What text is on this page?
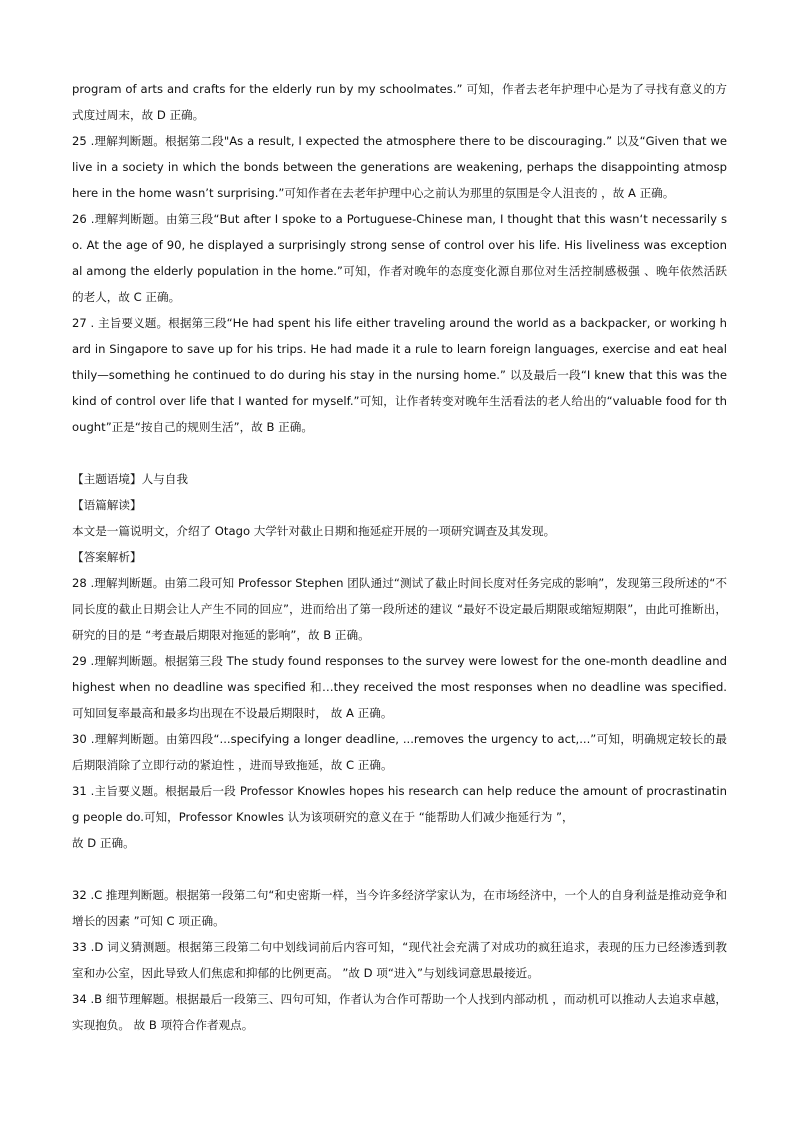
program of arts and crafts for the elderly run by my schoolmates.” 可知，作者去老年护理中心是为了寻找有意义的方式度过周末，故 D 正确。

25 .理解判断题。根据第二段"As a result, I expected the atmosphere there to be discouraging.” 以及“Given that we live in a society in which the bonds between the generations are weakening, perhaps the disappointing atmosphere in the home wasn’t surprising.”可知作者在去老年护理中心之前认为那里的氛围是令人沮丧的 ，故 A 正确。

26 .理解判断题。由第三段“But after I spoke to a Portuguese-Chinese man, I thought that this wasn‘t necessarily so. At the age of 90, he displayed a surprisingly strong sense of control over his life. His liveliness was exceptional among the elderly population in the home.”可知，作者对晚年的态度变化源自那位对生活控制感极强 、晚年依然活跃的老人，故 C 正确。

27 . 主旨要义题。根据第三段“He had spent his life either traveling around the world as a backpacker, or working hard in Singapore to save up for his trips. He had made it a rule to learn foreign languages, exercise and eat healthily—something he continued to do during his stay in the nursing home.” 以及最后一段“I knew that this was the kind of control over life that I wanted for myself.”可知，让作者转变对晚年生活看法的老人给出的“valuable food for thought”正是“按自己的规则生活”，故 B 正确。

【主题语境】人与自我

【语篇解读】

本文是一篇说明文，介绍了 Otago 大学针对截止日期和拖延症开展的一项研究调查及其发现。

【答案解析】

28 .理解判断题。由第二段可知 Professor Stephen 团队通过“测试了截止时间长度对任务完成的影响”，发现第三段所述的“不同长度的截止日期会让人产生不同的回应”，进而给出了第一段所述的建议 “最好不设定最后期限或缩短期限”，由此可推断出，研究的目的是 “考查最后期限对拖延的影响”，故 B 正确。

29 .理解判断题。根据第三段 The study found responses to the survey were lowest for the one-month deadline and highest when no deadline was specified 和…they received the most responses when no deadline was specified. 可知回复率最高和最多均出现在不设最后期限时， 故 A 正确。

30 .理解判断题。由第四段“...specifying a longer deadline, ...removes the urgency to act,...”可知，明确规定较长的最后期限消除了立即行动的紧迫性 ，进而导致拖延，故 C 正确。

31 .主旨要义题。根据最后一段 Professor Knowles hopes his research can help reduce the amount of procrastinating people do.可知，Professor Knowles 认为该项研究的意义在于 “能帮助人们减少拖延行为 ”，

故 D 正确。

32 .C 推理判断题。根据第一段第二句“和史密斯一样，当今许多经济学家认为，在市场经济中，一个人的自身利益是推动竞争和增长的因素 ”可知 C 项正确。

33 .D 词义猜测题。根据第三段第二句中划线词前后内容可知，“现代社会充满了对成功的疯狂追求，表现的压力已经渗透到教室和办公室，因此导致人们焦虑和抑郁的比例更高。 ”故 D 项“进入”与划线词意思最接近。

34 .B 细节理解题。根据最后一段第三、四句可知，作者认为合作可帮助一个人找到内部动机 ，而动机可以推动人去追求卓越，实现抱负。 故 B 项符合作者观点。
